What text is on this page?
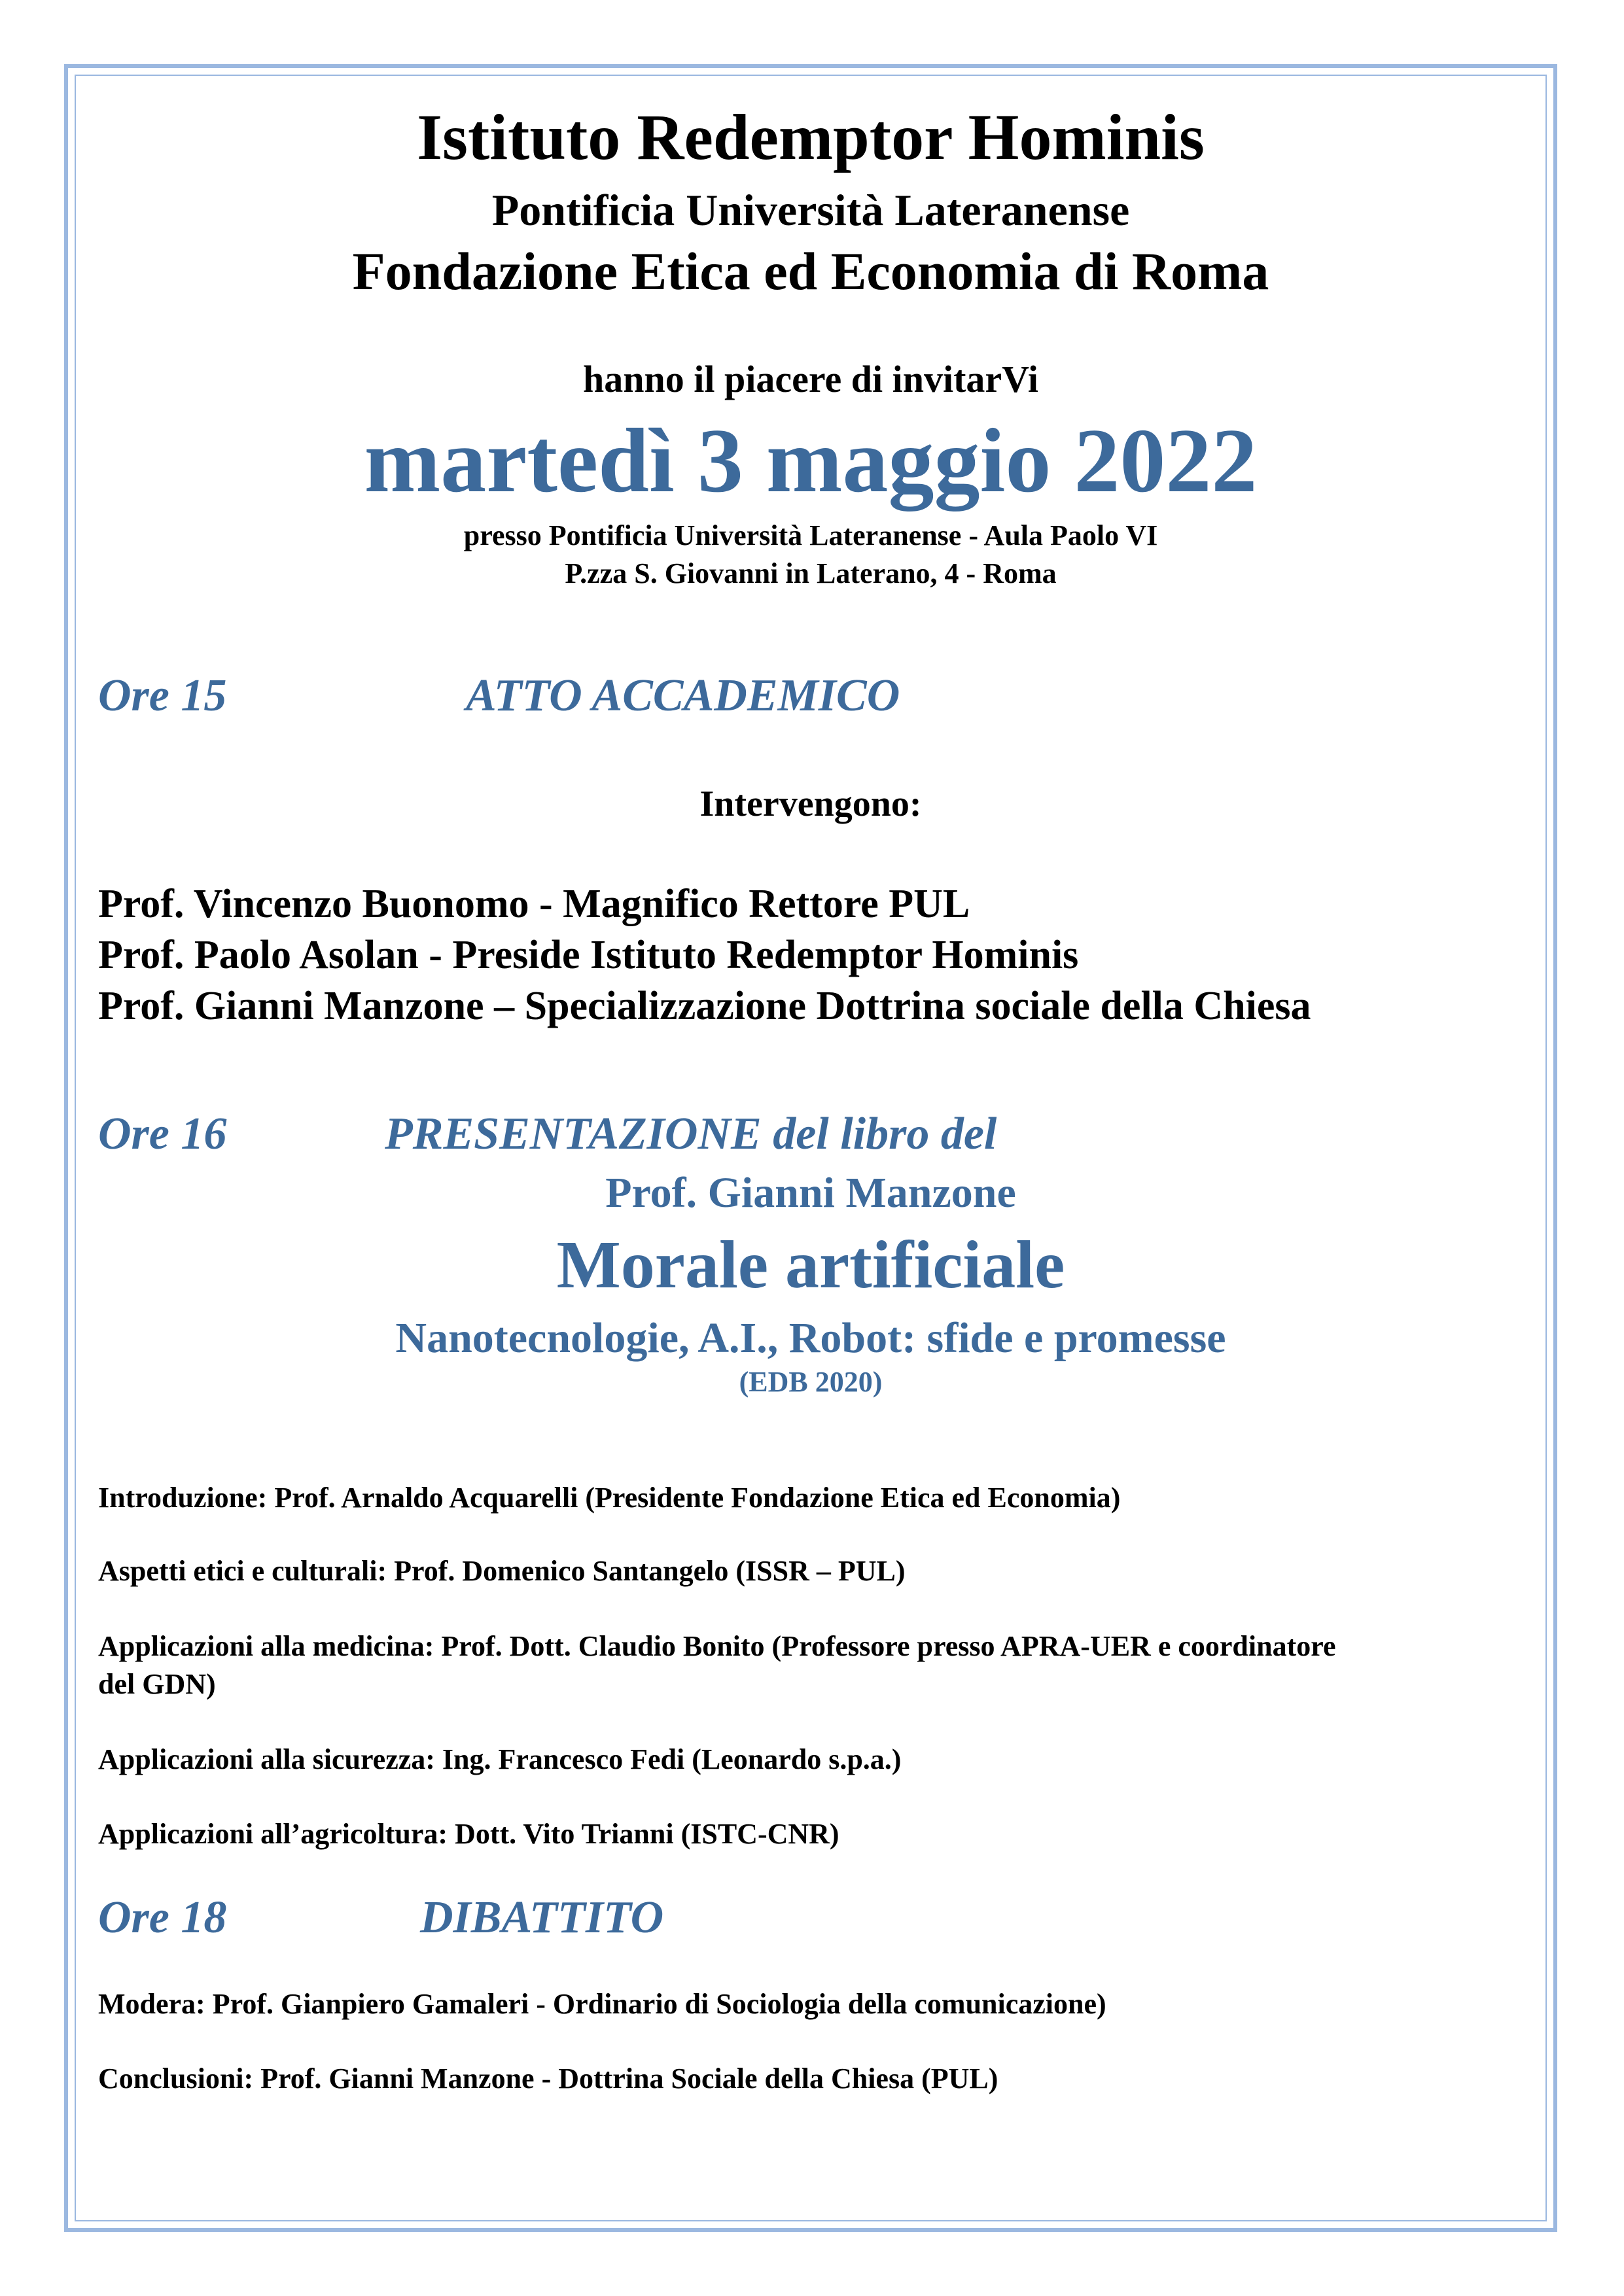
Istituto Redemptor Hominis
Pontificia Università Lateranense
Fondazione Etica ed Economia di Roma
hanno il piacere di invitarVi
martedì 3 maggio 2022
presso Pontificia Università Lateranense - Aula Paolo VI
P.zza S. Giovanni in Laterano, 4 - Roma
Ore 15	ATTO ACCADEMICO
Intervengono:
Prof. Vincenzo Buonomo - Magnifico Rettore PUL
Prof. Paolo Asolan - Preside Istituto Redemptor Hominis
Prof. Gianni Manzone – Specializzazione Dottrina sociale della Chiesa
Ore 16	PRESENTAZIONE del libro del
Prof. Gianni Manzone
Morale artificiale
Nanotecnologie, A.I., Robot: sfide e promesse
(EDB 2020)
Introduzione: Prof. Arnaldo Acquarelli (Presidente Fondazione Etica ed Economia)
Aspetti etici e culturali: Prof. Domenico Santangelo (ISSR – PUL)
Applicazioni alla medicina: Prof. Dott. Claudio Bonito (Professore presso APRA-UER e coordinatore
del GDN)
Applicazioni alla sicurezza: Ing. Francesco Fedi (Leonardo s.p.a.)
Applicazioni all’agricoltura: Dott. Vito Trianni (ISTC-CNR)
Ore 18	DIBATTITO
Modera: Prof. Gianpiero Gamaleri - Ordinario di Sociologia della comunicazione)
Conclusioni: Prof. Gianni Manzone - Dottrina Sociale della Chiesa (PUL)
